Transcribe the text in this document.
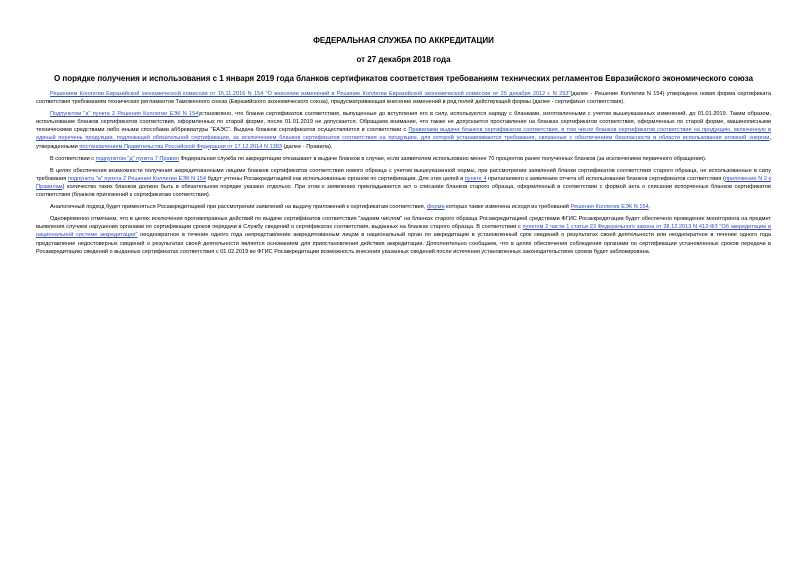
ФЕДЕРАЛЬНАЯ СЛУЖБА ПО АККРЕДИТАЦИИ
от 27 декабря 2018 года
О порядке получения и использования с 1 января 2019 года бланков сертификатов соответствия требованиям технических регламентов Евразийского экономического союза

Решением Коллегии Евразийской экономической комиссии от 15.11.2016 N 154 "О внесении изменений в Решение Коллегии Евразийской экономической комиссии от 25 декабря 2012 г. N 293"(далее - Решение Коллегии N 154) утверждена новая форма сертификата соответствия требованиям технических регламентов Таможенного союза (Евразийского экономического союза), предусматривающая внесение изменений в ряд полей действующей формы (далее - сертификат соответствия).

Подпунктом "а" пункта 2 Решения Коллегии ЕЭК N 154установлено, что бланки сертификатов соответствия, выпущенные до вступления его в силу, используются наряду с бланками, изготовленными с учетом вышеуказанных изменений, до 01.01.2019. Таким образом, использование бланков сертификатов соответствия, оформленных по старой форме, после 01.01.2019 не допускается. Обращаем внимание, что также не допускается проставление на бланках сертификатов соответствия, оформленных по старой форме, машинописными техническими средствами либо иными способами аббревиатуры "ЕАЭС". Выдача бланков сертификатов осуществляется в соответствии с Правилами выдачи бланков сертификатов соответствия, в том числе бланков сертификатов соответствия на продукцию, включенную в единый перечень продукции, подлежащей обязательной сертификации, за исключением бланков сертификатов соответствия на продукцию, для которой устанавливаются требования, связанные с обеспечением безопасности в области использования атомной энергии, утвержденными постановлением Правительства Российской Федерации от 17.12.2014 N 1383 (далее - Правила).

В соответствии с подпунктом "д" пункта 7 Правил Федеральная служба по аккредитации отказывает в выдаче бланков в случае, если заявителем использовано менее 70 процентов ранее полученных бланков (за исключением первичного обращения).

В целях обеспечения возможности получения аккредитованными лицами бланков сертификатов соответствия нового образца с учетом вышеуказанной нормы, при рассмотрении заявлений бланки сертификатов соответствия старого образца, не использованные в силу требования подпункта "а" пункта 2 Решения Коллегии ЕЭК N 154 будут учтены Росаккредитацией как использованные органом по сертификации. Для этих целей в пункте 4 прилагаемого к заявлению отчета об использовании бланков сертификатов соответствия (приложение N 2 к Правилам) количество таких бланков должно быть в обязательном порядке указано отдельно. При этом к заявлению прикладывается акт о списании бланков старого образца, оформленный в соответствии с формой акта о списании испорченных бланков сертификатов соответствия (бланков приложений к сертификатам соответствия).

Аналогичный подход будет применяться Росаккредитацией при рассмотрении заявлений на выдачу приложений к сертификатам соответствия, форма которых также изменена исходя из требований Решения Коллегии ЕЭК N 154.

Одновременно отмечаем, что в целях исключения противоправных действий по выдаче сертификатов соответствия "задним числом" на бланках старого образца Росаккредитацией средствами ФГИС Росаккредитации будет обеспечено проведение мониторинга на предмет выявления случаев нарушения органами по сертификации сроков передачи в Службу сведений о сертификатах соответствия, выданных на бланках старого образца. В соответствии с пунктом 2 части 1 статьи 23 Федерального закона от 28.12.2013 N 412-ФЗ "Об аккредитации в национальной системе аккредитации" неоднократное в течение одного года непредставление аккредитованным лицом в национальный орган по аккредитации в установленный срок сведений о результатах своей деятельности или неоднократное в течение одного года представление недостоверных сведений о результатах своей деятельности является основанием для приостановления действия аккредитации. Дополнительно сообщаем, что в целях обеспечения соблюдения органами по сертификации установленных сроков передачи в Росаккредитацию сведений о выданных сертификатах соответствия с 01.02.2019 во ФГИС Росаккредитации возможность внесения указанных сведений после истечения установленных законодательством сроков будет заблокирована.
